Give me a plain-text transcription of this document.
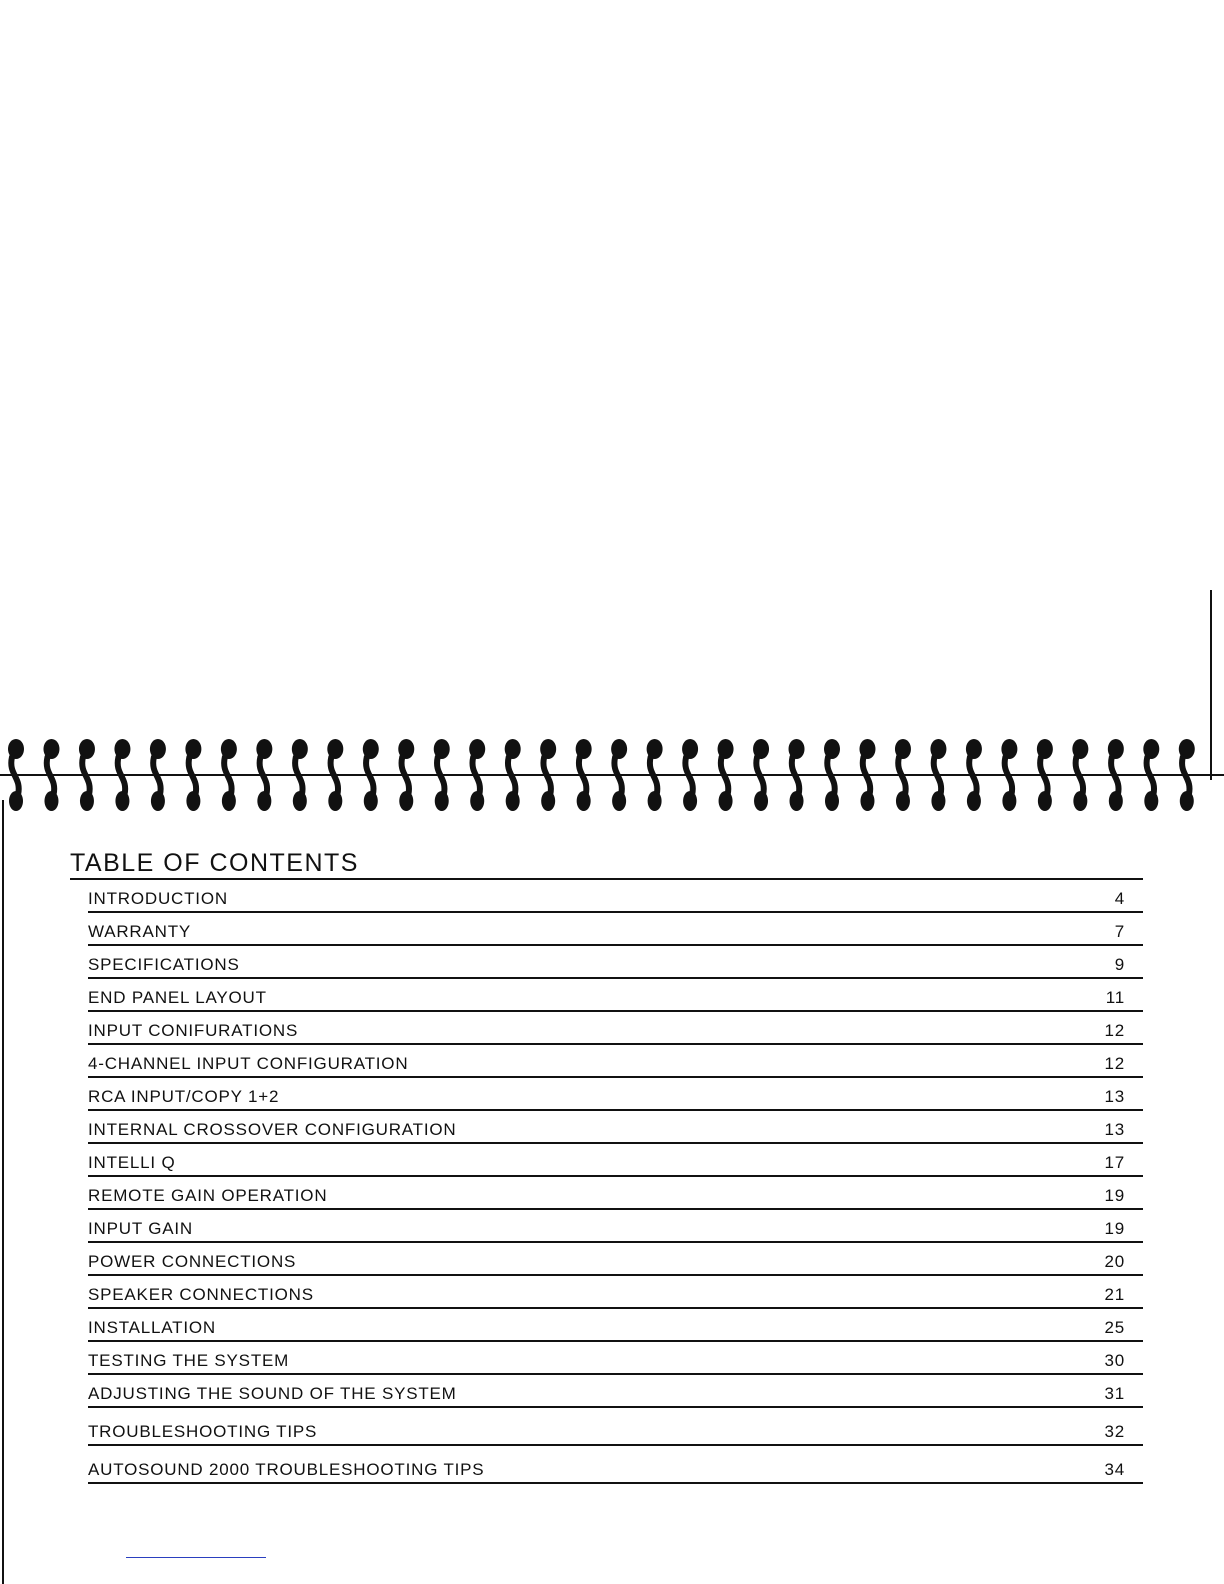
TABLE OF CONTENTS
INTRODUCTION	4
WARRANTY	7
SPECIFICATIONS	9
END PANEL LAYOUT	11
INPUT CONIFURATIONS	12
4-CHANNEL INPUT CONFIGURATION	12
RCA INPUT/COPY 1+2	13
INTERNAL CROSSOVER CONFIGURATION	13
INTELLI Q	17
REMOTE GAIN OPERATION	19
INPUT GAIN	19
POWER CONNECTIONS	20
SPEAKER CONNECTIONS	21
INSTALLATION	25
TESTING THE SYSTEM	30
ADJUSTING THE SOUND OF THE SYSTEM	31
TROUBLESHOOTING TIPS	32
AUTOSOUND 2000 TROUBLESHOOTING TIPS	34
